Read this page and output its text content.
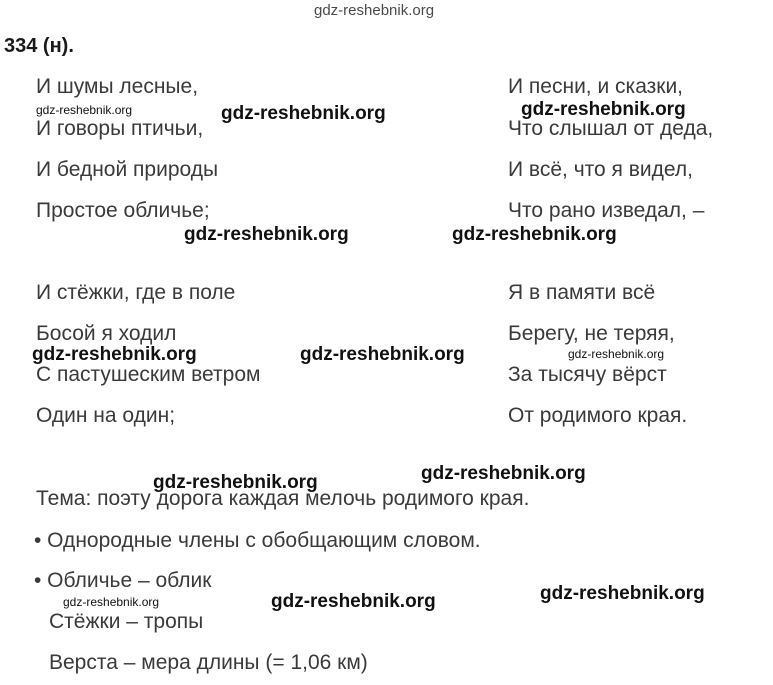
gdz-reshebnik.org
334 (н).
И шумы лесные,
И говоры птичьи,
И бедной природы
Простое обличье;
И стёжки, где в поле
Босой я ходил
С пастушеским ветром
Один на один;
И песни, и сказки,
Что слышал от деда,
И всё, что я видел,
Что рано изведал, –
Я в памяти всё
Берегу, не теряя,
За тысячу вёрст
От родимого края.
Тема: поэту дорога каждая мелочь родимого края.
• Однородные члены с обобщающим словом.
• Обличье – облик
Стёжки – тропы
Верста – мера длины (= 1,06 км)
gdz-reshebnik.org	gdz-reshebnik.org	gdz-reshebnik.org
gdz-reshebnik.org	gdz-reshebnik.org
gdz-reshebnik.org	gdz-reshebnik.org	gdz-reshebnik.org
gdz-reshebnik.org	gdz-reshebnik.org
gdz-reshebnik.org	gdz-reshebnik.org	gdz-reshebnik.org
